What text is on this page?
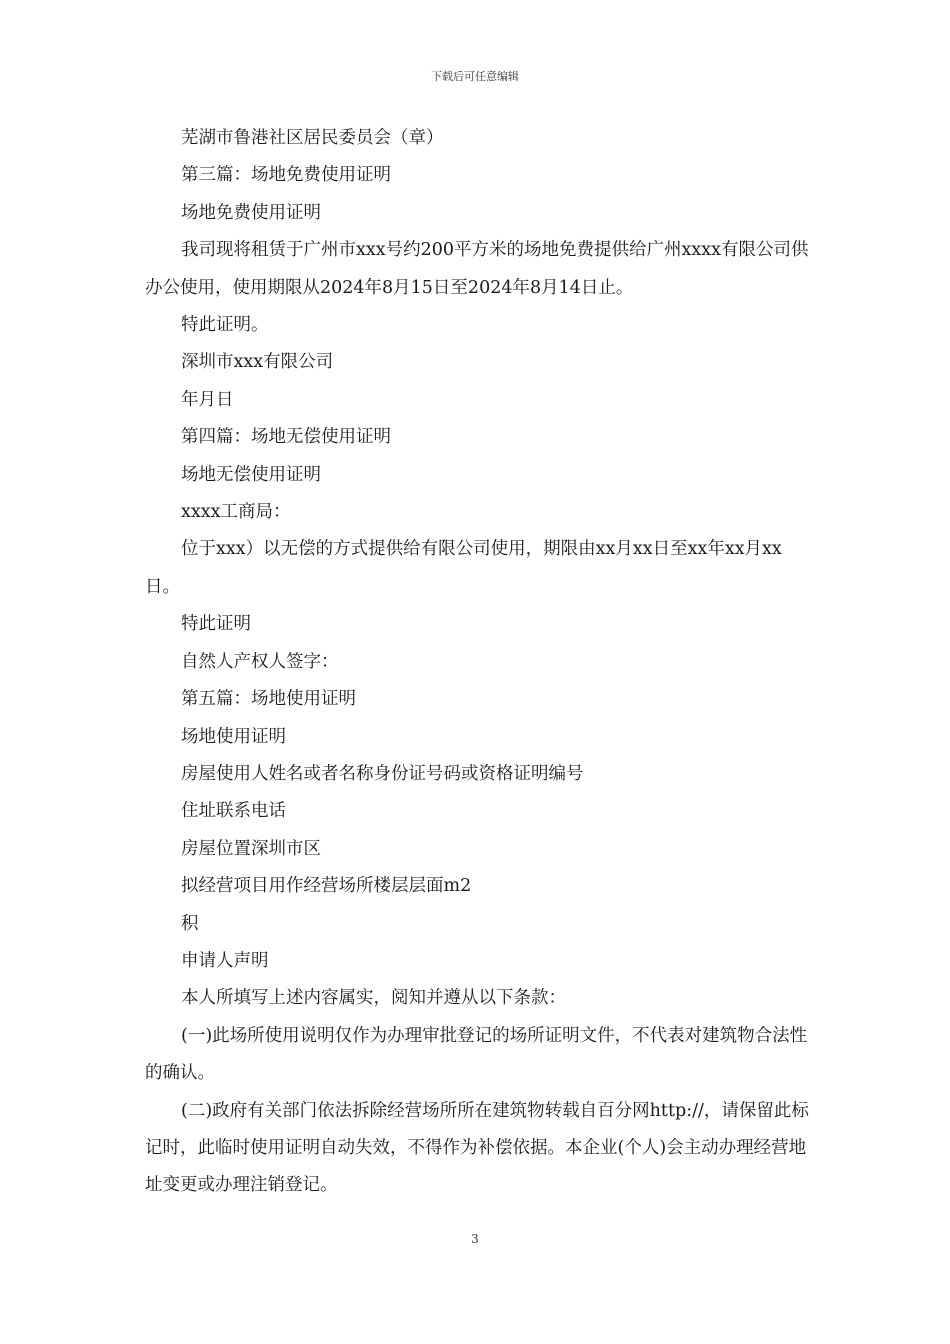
下载后可任意编辑

芜湖市鲁港社区居民委员会（章）

第三篇：场地免费使用证明

场地免费使用证明

我司现将租赁于广州市xxx号约200平方米的场地免费提供给广州xxxx有限公司供办公使用，使用期限从2024年8月15日至2024年8月14日止。

特此证明。

深圳市xxx有限公司

年月日

第四篇：场地无偿使用证明

场地无偿使用证明

xxxx工商局：

位于xxx）以无偿的方式提供给有限公司使用，期限由xx月xx日至xx年xx月xx日。

特此证明

自然人产权人签字：

第五篇：场地使用证明

场地使用证明

房屋使用人姓名或者名称身份证号码或资格证明编号

住址联系电话

房屋位置深圳市区

拟经营项目用作经营场所楼层层面m2

积

申请人声明

本人所填写上述内容属实，阅知并遵从以下条款：

(一)此场所使用说明仅作为办理审批登记的场所证明文件，不代表对建筑物合法性的确认。

(二)政府有关部门依法拆除经营场所所在建筑物转载自百分网http://，请保留此标记时，此临时使用证明自动失效，不得作为补偿依据。本企业(个人)会主动办理经营地址变更或办理注销登记。

3
